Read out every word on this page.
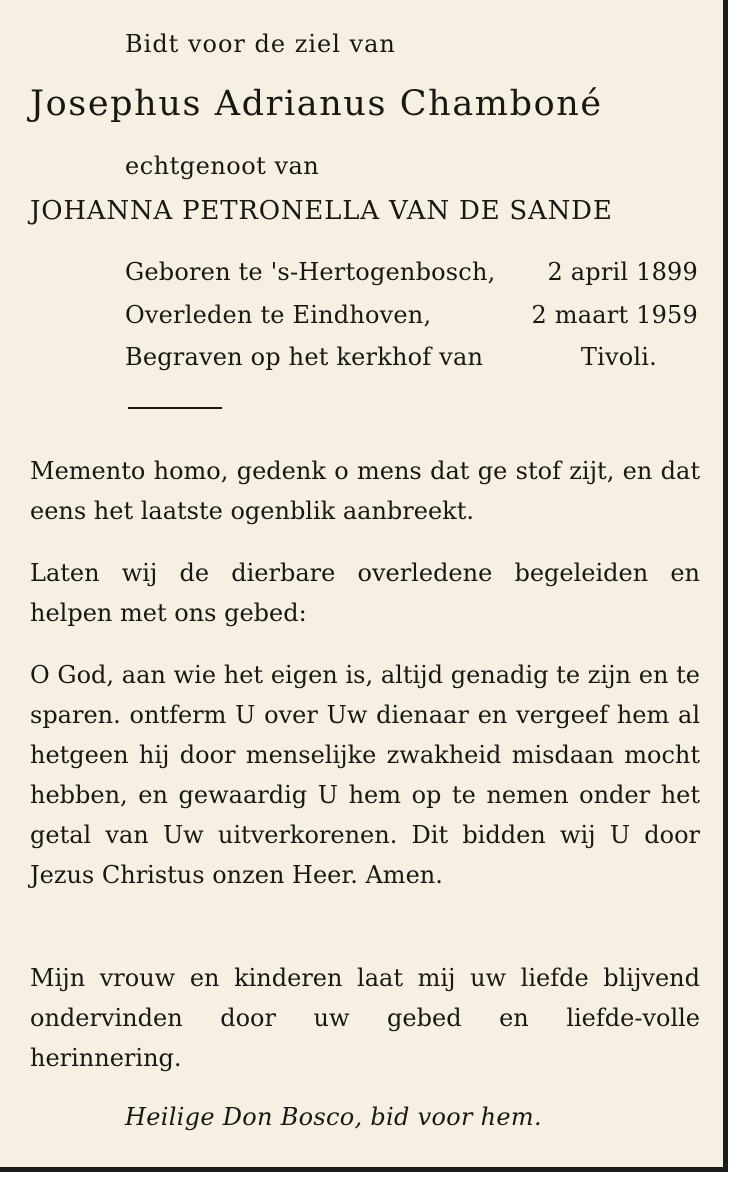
Bidt voor de ziel van

Josephus Adrianus Chamboné

echtgenoot van

JOHANNA PETRONELLA VAN DE SANDE

Geboren te 's-Hertogenbosch, 2 april 1899
Overleden te Eindhoven,	2 maart 1959
Begraven op het kerkhof van	Tivoli.

Memento homo, gedenk o mens dat ge stof zijt, en dat eens het laatste ogenblik aanbreekt.

Laten wij de dierbare overledene begeleiden en helpen met ons gebed:

O God, aan wie het eigen is, altijd genadig te zijn en te sparen. ontferm U over Uw dienaar en vergeef hem al hetgeen hij door menselijke zwakheid misdaan mocht hebben, en gewaardig U hem op te nemen onder het getal van Uw uitverkorenen. Dit bidden wij U door Jezus Christus onzen Heer. Amen.

Mijn vrouw en kinderen laat mij uw liefde blijvend ondervinden door uw gebed en liefde-volle herinnering.

Heilige Don Bosco, bid voor hem.
